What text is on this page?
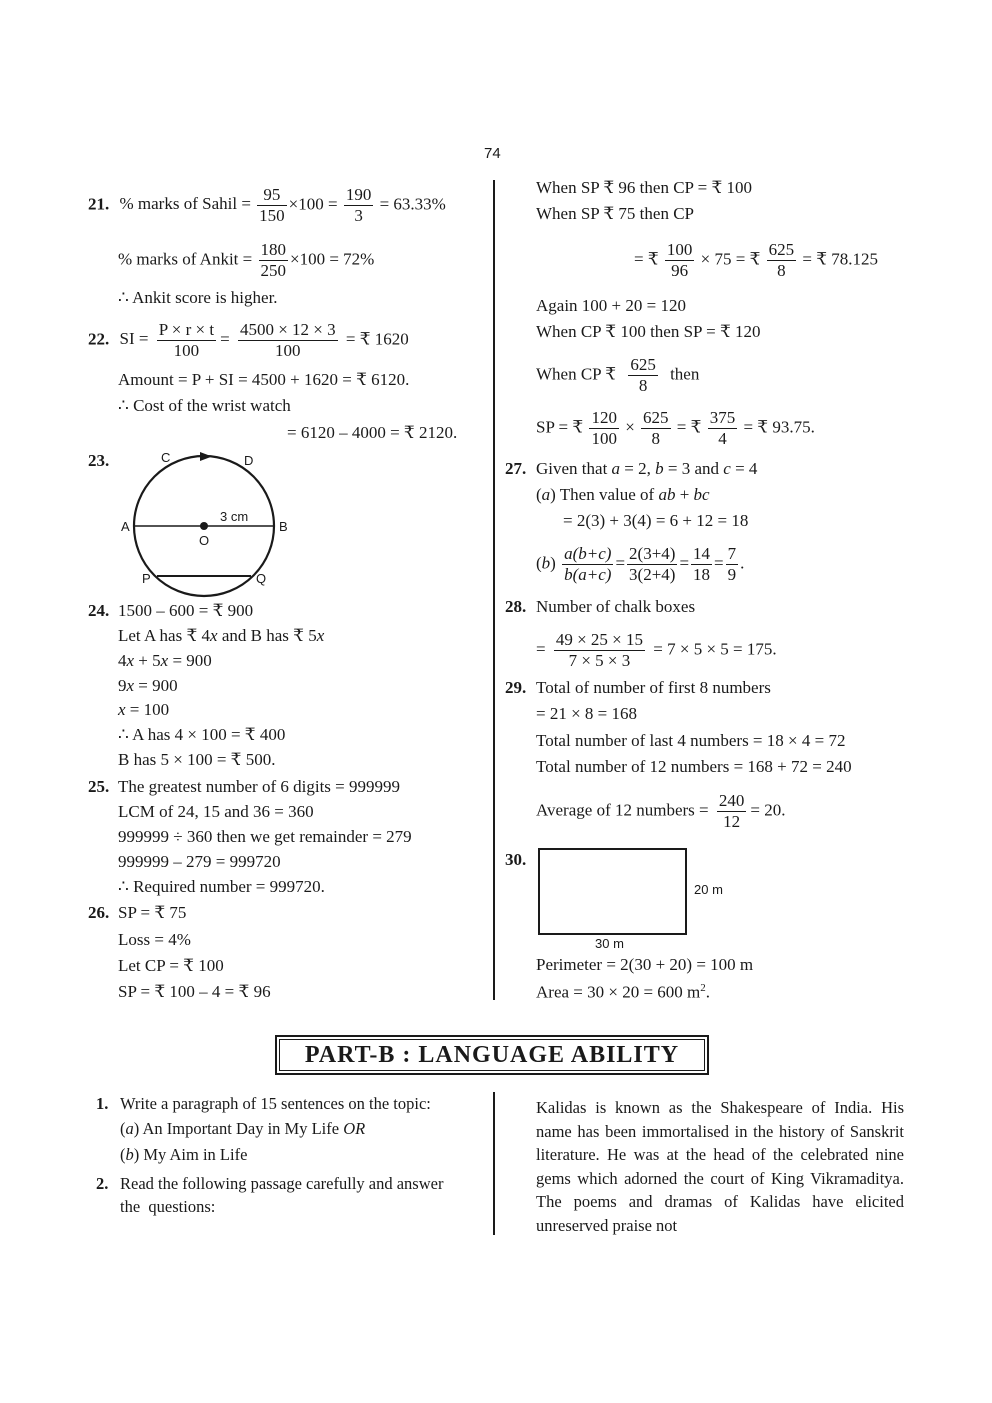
74
21. % marks of Sahil = $\frac{95}{150} \times 100 = \frac{190}{3} = 63.33\%$
% marks of Ankit = $\frac{180}{250} \times 100 = 72\%$
∴ Ankit score is higher.
22. SI = $\frac{P \times r \times t}{100} = \frac{4500 \times 12 \times 3}{100}$ = ₹ 1620
Amount = P + SI = 4500 + 1620 = ₹ 6120.
∴ Cost of the wrist watch
= 6120 – 4000 = ₹ 2120.
23.	C	D
A	B
O
3 cm
P	Q
24. 1500 – 600 = ₹ 900
Let A has ₹ 4x and B has ₹ 5x
4x + 5x = 900
9x = 900
x = 100
∴ A has 4 × 100 = ₹ 400
B has 5 × 100 = ₹ 500.
25. The greatest number of 6 digits = 999999
LCM of 24, 15 and 36 = 360
999999 ÷ 360 then we get remainder = 279
999999 – 279 = 999720
∴ Required number = 999720.
26. SP = ₹ 75
Loss = 4%
Let CP = ₹ 100
SP = ₹ 100 – 4 = ₹ 96
When SP ₹ 96 then CP = ₹ 100
When SP ₹ 75 then CP
= ₹ $\frac{100}{96} \times 75$ = ₹ $\frac{625}{8}$ = ₹ 78.125
Again 100 + 20 = 120
When CP ₹ 100 then SP = ₹ 120
When CP ₹ $\frac{625}{8}$ then
SP = ₹ $\frac{120}{100} \times \frac{625}{8}$ = ₹ $\frac{375}{4}$ = ₹ 93.75.
27. Given that a = 2, b = 3 and c = 4
(a) Then value of ab + bc
= 2(3) + 3(4) = 6 + 12 = 18
$(b) \frac{a(b+c)}{b(a+c)} = \frac{2(3+4)}{3(2+4)} = \frac{14}{18} = \frac{7}{9}$ .
28. Number of chalk boxes
= $\frac{49 \times 25 \times 15}{7 \times 5 \times 3} = 7 \times 5 \times 5 = 175$.
29. Total of number of first 8 numbers
= 21 × 8 = 168
Total number of last 4 numbers = 18 × 4 = 72
Total number of 12 numbers = 168 + 72 = 240
Average of 12 numbers = $\frac{240}{12} = 20$.
30.
20 m
30 m
Perimeter = 2(30 + 20) = 100 m
Area = 30 × 20 = 600 $m^2$.
PART-B : LANGUAGE ABILITY
1. Write a paragraph of 15 sentences on the topic:
(a) An Important Day in My Life OR
(b) My Aim in Life
2. Read the following passage carefully and answer
the  questions:
Kalidas is known as the Shakespeare of India. His name has been immortalised in the history of Sanskrit literature. He was at the head of the celebrated nine gems which adorned the court of King Vikramaditya. The poems and dramas of Kalidas have elicited unreserved praise not
